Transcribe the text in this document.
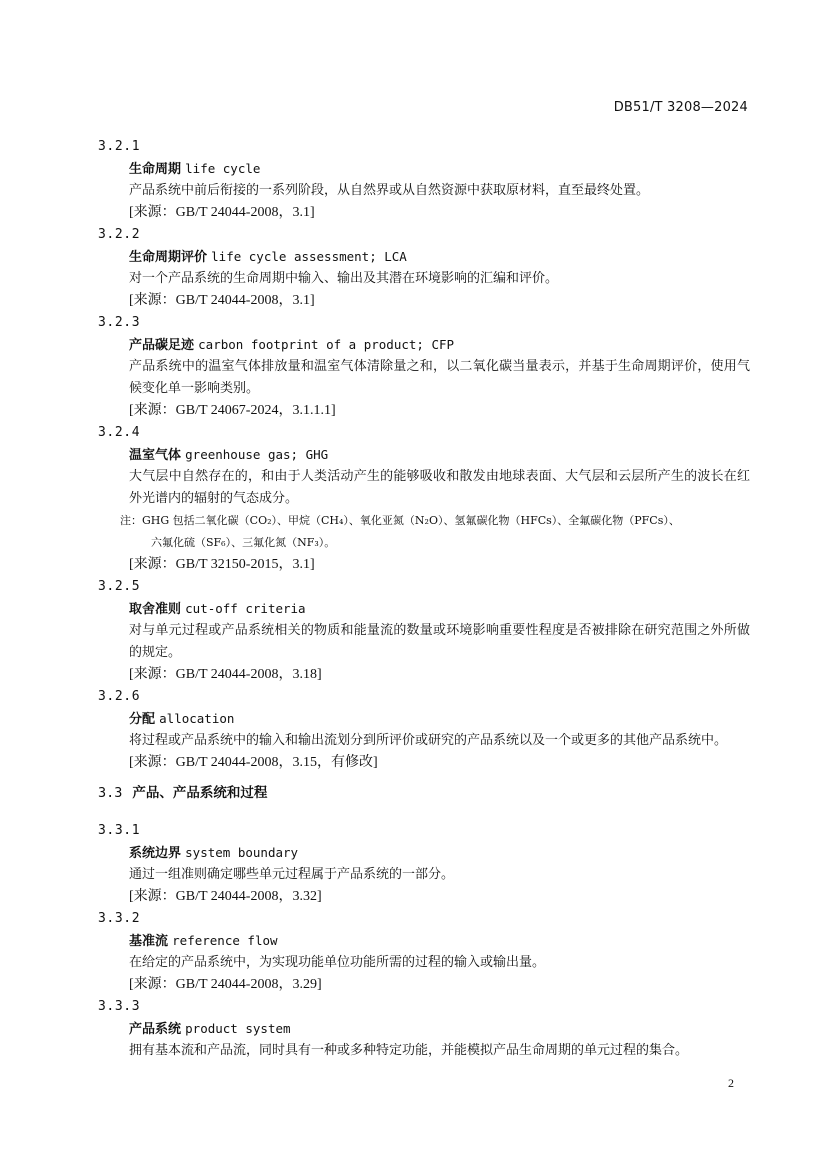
DB51/T 3208—2024
3.2.1
生命周期 life cycle
产品系统中前后衔接的一系列阶段，从自然界或从自然资源中获取原材料，直至最终处置。
[来源：GB/T 24044-2008，3.1]
3.2.2
生命周期评价 life cycle assessment; LCA
对一个产品系统的生命周期中输入、输出及其潜在环境影响的汇编和评价。
[来源：GB/T 24044-2008，3.1]
3.2.3
产品碳足迹 carbon footprint of a product; CFP
产品系统中的温室气体排放量和温室气体清除量之和，以二氧化碳当量表示，并基于生命周期评价，使用气候变化单一影响类别。
[来源：GB/T 24067-2024，3.1.1.1]
3.2.4
温室气体 greenhouse gas; GHG
大气层中自然存在的，和由于人类活动产生的能够吸收和散发由地球表面、大气层和云层所产生的波长在红外光谱内的辐射的气态成分。
注：GHG 包括二氧化碳（CO₂）、甲烷（CH₄）、氧化亚氮（N₂O）、氢氟碳化物（HFCs）、全氟碳化物（PFCs）、
六氟化硫（SF₆）、三氟化氮（NF₃）。
[来源：GB/T 32150-2015，3.1]
3.2.5
取舍准则 cut-off criteria
对与单元过程或产品系统相关的物质和能量流的数量或环境影响重要性程度是否被排除在研究范围之外所做的规定。
[来源：GB/T 24044-2008，3.18]
3.2.6
分配 allocation
将过程或产品系统中的输入和输出流划分到所评价或研究的产品系统以及一个或更多的其他产品系统中。
[来源：GB/T 24044-2008，3.15，有修改]
3.3 产品、产品系统和过程
3.3.1
系统边界 system boundary
通过一组准则确定哪些单元过程属于产品系统的一部分。
[来源：GB/T 24044-2008，3.32]
3.3.2
基准流 reference flow
在给定的产品系统中，为实现功能单位功能所需的过程的输入或输出量。
[来源：GB/T 24044-2008，3.29]
3.3.3
产品系统 product system
拥有基本流和产品流，同时具有一种或多种特定功能，并能模拟产品生命周期的单元过程的集合。
2
